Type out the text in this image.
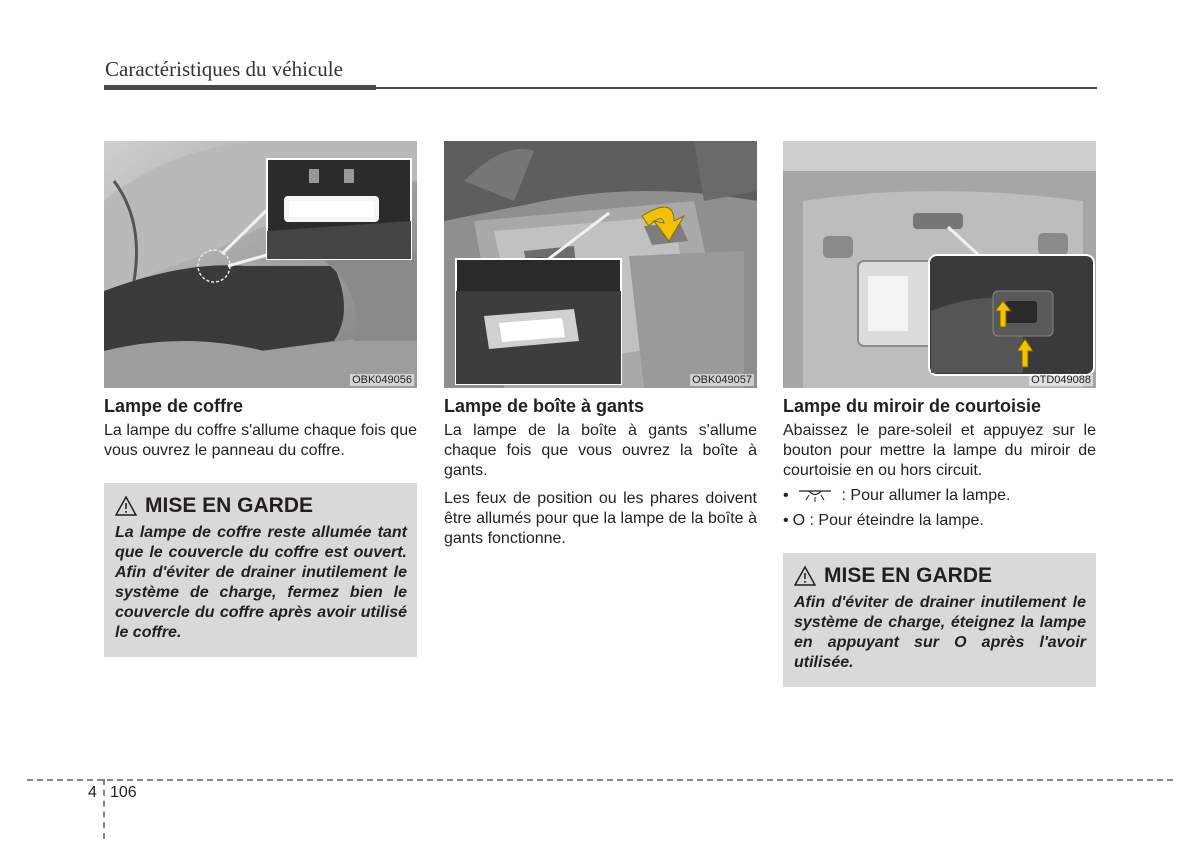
Caractéristiques du véhicule
OBK049056
Lampe de coffre
La lampe du coffre s'allume chaque fois que vous ouvrez le panneau du coffre.
MISE EN GARDE
La lampe de coffre reste allumée tant que le couvercle du coffre est ouvert. Afin d'éviter de drainer inutilement le système de charge, fermez bien le couvercle du coffre après avoir utilisé le coffre.
OBK049057
Lampe de boîte à gants
La lampe de la boîte à gants s'allume chaque fois que vous ouvrez la boîte à gants.
Les feux de position ou les phares doivent être allumés pour que la lampe de la boîte à gants fonctionne.
OTD049088
Lampe du miroir de courtoisie
Abaissez le pare-soleil et appuyez sur le bouton pour mettre la lampe du miroir de courtoisie en ou hors circuit.
•	: Pour allumer la lampe.
• O : Pour éteindre la lampe.
MISE EN GARDE
Afin d'éviter de drainer inutilement le système de charge, éteignez la lampe en appuyant sur O après l'avoir utilisée.
4 106
